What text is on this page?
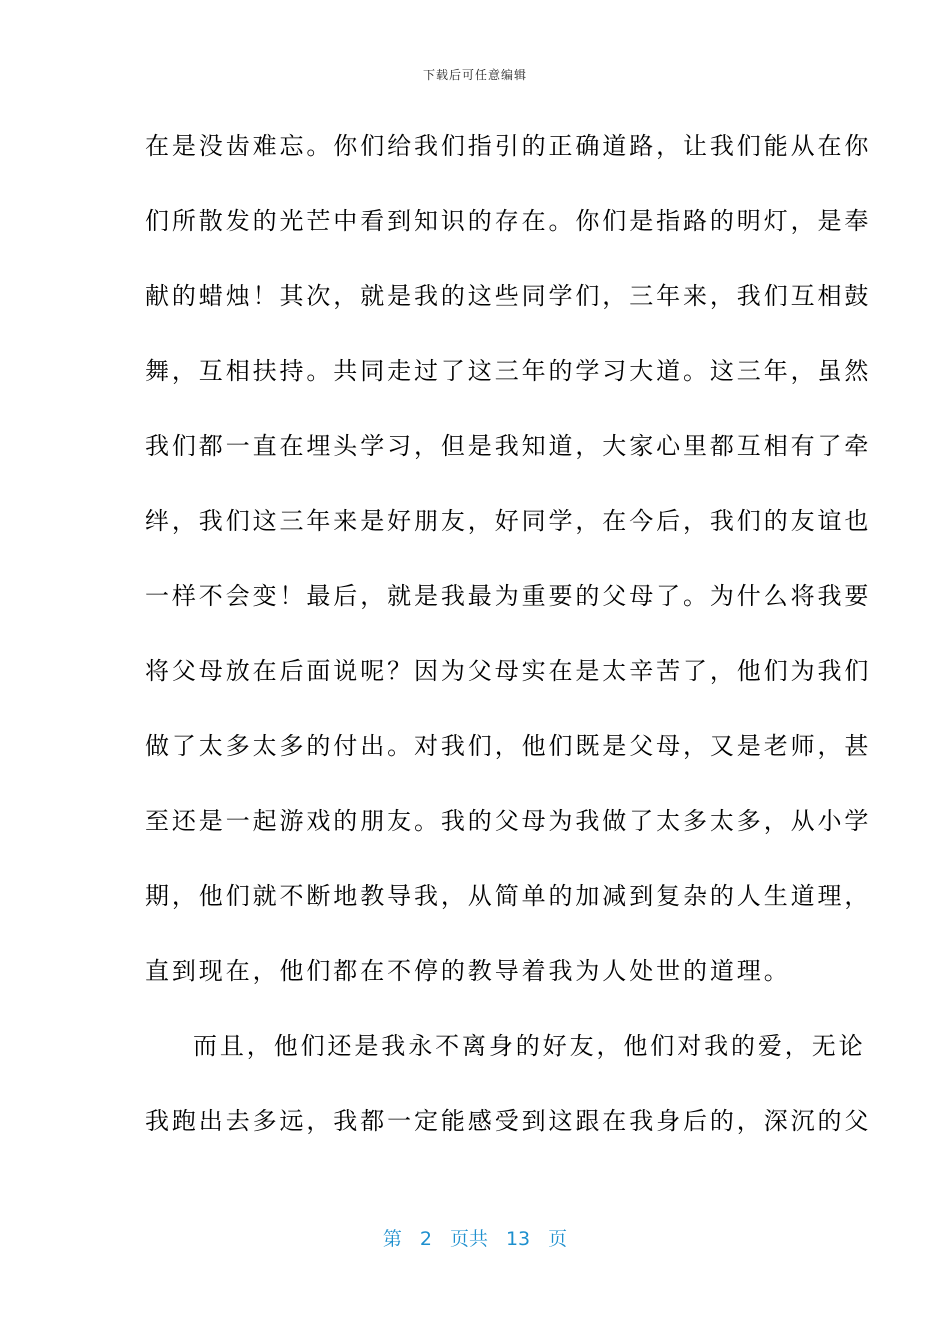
下载后可任意编辑
在是没齿难忘。你们给我们指引的正确道路，让我们能从在你
们所散发的光芒中看到知识的存在。你们是指路的明灯，是奉
献的蜡烛！其次，就是我的这些同学们，三年来，我们互相鼓
舞，互相扶持。共同走过了这三年的学习大道。这三年，虽然
我们都一直在埋头学习，但是我知道，大家心里都互相有了牵
绊，我们这三年来是好朋友，好同学，在今后，我们的友谊也
一样不会变！最后，就是我最为重要的父母了。为什么将我要
将父母放在后面说呢？因为父母实在是太辛苦了，他们为我们
做了太多太多的付出。对我们，他们既是父母，又是老师，甚
至还是一起游戏的朋友。我的父母为我做了太多太多，从小学
期，他们就不断地教导我，从简单的加减到复杂的人生道理，
直到现在，他们都在不停的教导着我为人处世的道理。
而且，他们还是我永不离身的好友，他们对我的爱，无论
我跑出去多远，我都一定能感受到这跟在我身后的，深沉的父
第 2 页共 13 页
